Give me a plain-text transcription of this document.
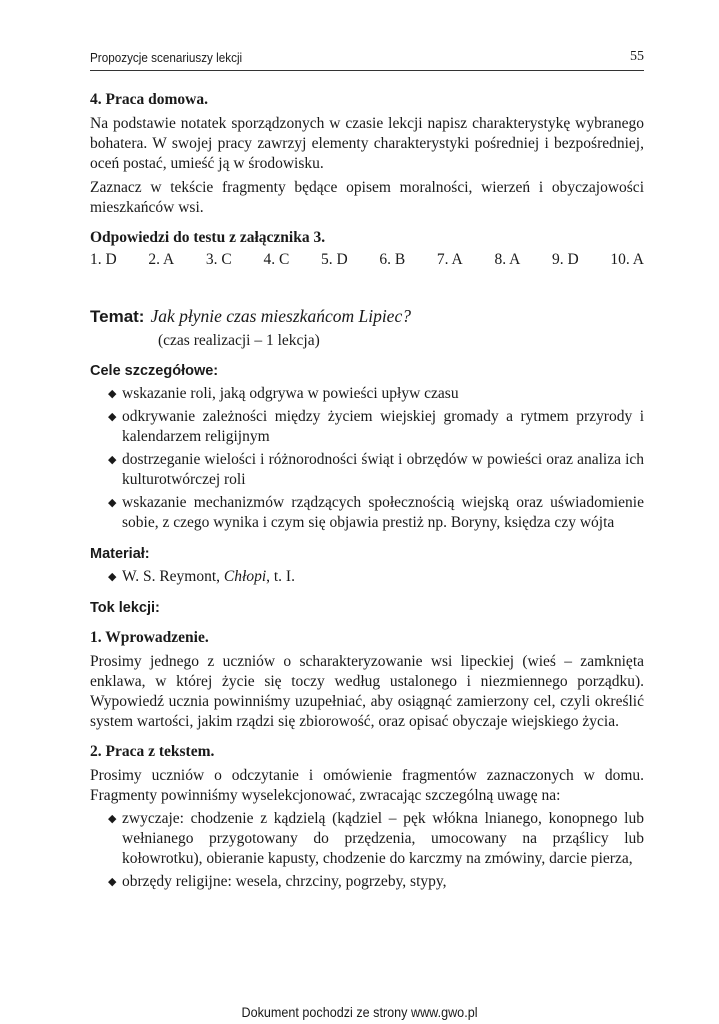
Propozycje scenariuszy lekcji	55

4. Praca domowa.

Na podstawie notatek sporządzonych w czasie lekcji napisz charakterystykę wybranego bohatera. W swojej pracy zawrzyj elementy charakterystyki pośredniej i bezpośredniej, oceń postać, umieść ją w środowisku.

Zaznacz w tekście fragmenty będące opisem moralności, wierzeń i obyczajowości mieszkańców wsi.

Odpowiedzi do testu z załącznika 3.

1. D 2. A 3. C 4. C 5. D 6. B 7. A 8. A 9. D 10. A
Temat: Jak płynie czas mieszkańcom Lipiec?
(czas realizacji – 1 lekcja)

Cele szczegółowe:

◆ wskazanie roli, jaką odgrywa w powieści upływ czasu
◆ odkrywanie zależności między życiem wiejskiej gromady a rytmem przyrody i kalendarzem religijnym
◆ dostrzeganie wielości i różnorodności świąt i obrzędów w powieści oraz analiza ich kulturotwórczej roli
◆ wskazanie mechanizmów rządzących społecznością wiejską oraz uświadomienie sobie, z czego wynika i czym się objawia prestiż np. Boryny, księdza czy wójta

Materiał:

◆ W. S. Reymont, Chłopi, t. I.

Tok lekcji:

1. Wprowadzenie.

Prosimy jednego z uczniów o scharakteryzowanie wsi lipeckiej (wieś – zamknięta enklawa, w której życie się toczy według ustalonego i niezmiennego porządku). Wypowiedź ucznia powinniśmy uzupełniać, aby osiągnąć zamierzony cel, czyli określić system wartości, jakim rządzi się zbiorowość, oraz opisać obyczaje wiejskiego życia.

2. Praca z tekstem.

Prosimy uczniów o odczytanie i omówienie fragmentów zaznaczonych w domu. Fragmenty powinniśmy wyselekcjonować, zwracając szczególną uwagę na:

◆ zwyczaje: chodzenie z kądzielą (kądziel – pęk włókna lnianego, konopnego lub wełnianego przygotowany do przędzenia, umocowany na prząślicy lub kołowrotku), obieranie kapusty, chodzenie do karczmy na zmówiny, darcie pierza,
◆ obrzędy religijne: wesela, chrzciny, pogrzeby, stypy,
Dokument pochodzi ze strony www.gwo.pl
